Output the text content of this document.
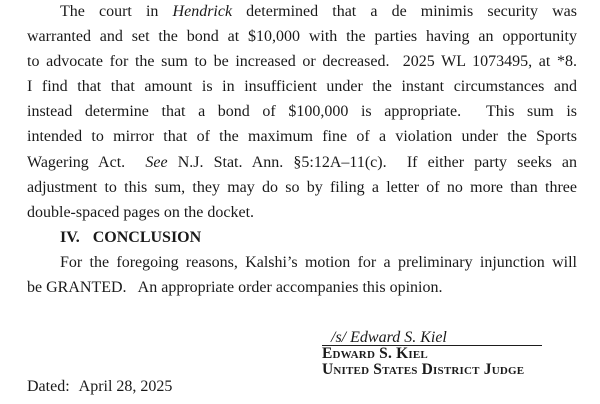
The court in Hendrick determined that a de minimis security was
warranted and set the bond at $10,000 with the parties having an opportunity
to advocate for the sum to be increased or decreased.  2025 WL 1073495, at *8.
I find that that amount is in insufficient under the instant circumstances and
instead determine that a bond of $100,000 is appropriate.  This sum is
intended to mirror that of the maximum fine of a violation under the Sports
Wagering Act.  See N.J. Stat. Ann. §5:12A–11(c).  If either party seeks an
adjustment to this sum, they may do so by filing a letter of no more than three
double-spaced pages on the docket.
IV. CONCLUSION
For the foregoing reasons, Kalshi’s motion for a preliminary injunction will
be GRANTED.   An appropriate order accompanies this opinion.
/s/ Edward S. Kiel
Edward S. Kiel
United States District Judge
Dated: April 28, 2025
